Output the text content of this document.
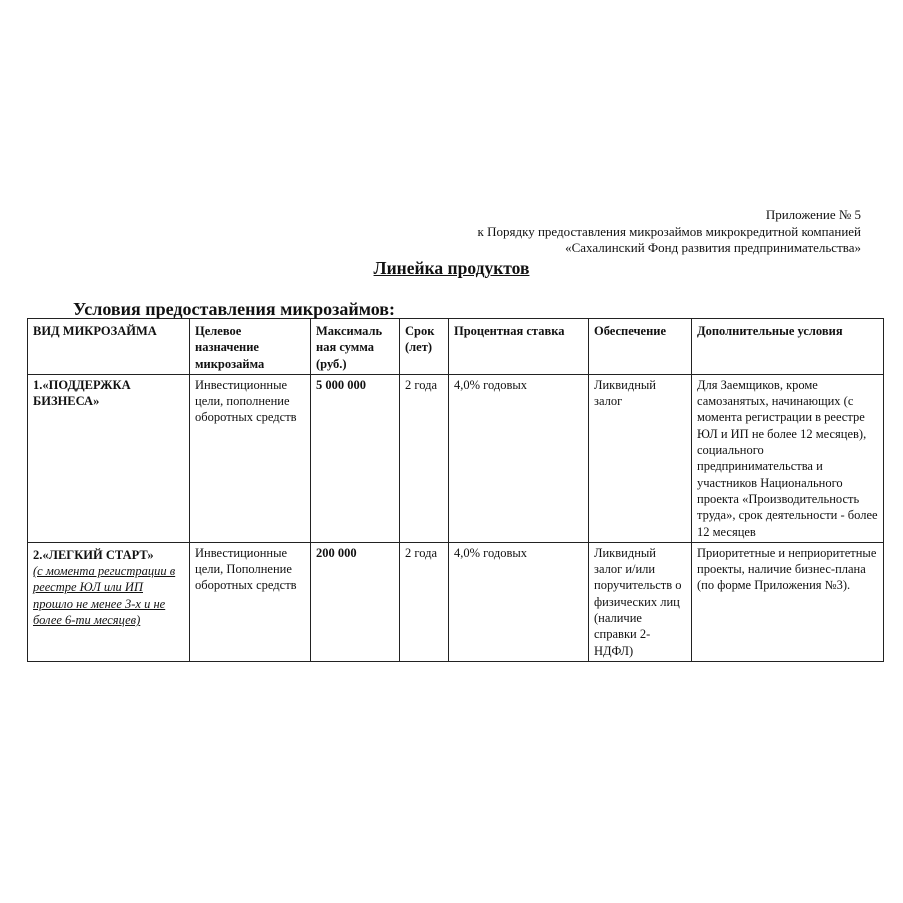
Приложение № 5
к Порядку предоставления микрозаймов микрокредитной компанией
«Сахалинский Фонд развития предпринимательства»
Линейка продуктов
Условия предоставления микрозаймов:
ВИД МИКРОЗАЙМА	Целевое назначение микрозайма	Максималь ная сумма (руб.)	Срок (лет)	Процентная ставка	Обеспечение	Дополнительные условия

1.«ПОДДЕРЖКА БИЗНЕСА»	Инвестиционные цели, пополнение оборотных средств	5 000 000	2 года	4,0% годовых	Ликвидный залог	Для Заемщиков, кроме самозанятых, начинающих (с момента регистрации в реестре ЮЛ и ИП не более 12 месяцев), социального предпринимательства и участников Национального проекта «Производительность труда», срок деятельности - более 12 месяцев

2.«ЛЕГКИЙ СТАРТ»
(с момента регистрации в реестре ЮЛ или ИП прошло не менее 3-х и не более 6-ти месяцев)	Инвестиционные цели, Пополнение оборотных средств	200 000	2 года	4,0% годовых	Ликвидный залог и/или поручительств о физических лиц (наличие справки 2-НДФЛ)	Приоритетные и неприоритетные проекты, наличие бизнес-плана (по форме Приложения №3).
